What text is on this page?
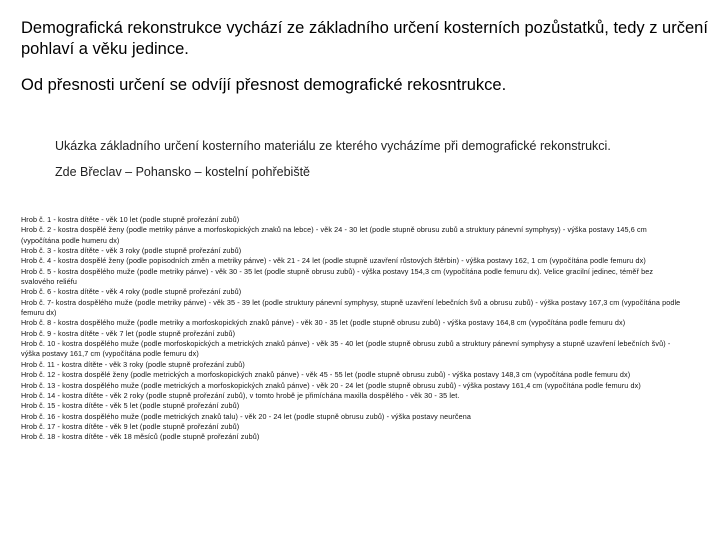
Demografická rekonstrukce vychází ze základního určení kosterních pozůstatků, tedy z určení pohlaví a věku jedince.

Od přesnosti určení se odvíjí přesnost demografické rekosntrukce.

Ukázka základního určení kosterního materiálu ze kterého vycházíme při demografické rekonstrukci.

Zde Břeclav – Pohansko – kostelní pohřebiště

Hrob č. 1 - kostra dítěte - věk 10 let (podle stupně prořezání zubů)
Hrob č. 2 - kostra dospělé ženy (podle metriky pánve a morfoskopických znaků na lebce) - věk 24 - 30 let (podle stupně obrusu zubů a struktury pánevní symphysy) - výška postavy 145,6 cm (vypočítána podle humeru dx)
Hrob č. 3 - kostra dítěte - věk 3 roky (podle stupně prořezání zubů)
Hrob č. 4 - kostra dospělé ženy (podle popisodních změn a metriky pánve) - věk 21 - 24 let (podle stupně uzavření růstových štěrbin) - výška postavy 162, 1 cm (vypočítána podle femuru dx)
Hrob č. 5 - kostra dospělého muže (podle metriky pánve) - věk 30 - 35 let (podle stupně obrusu zubů) - výška postavy 154,3 cm (vypočítána podle femuru dx). Velice gracilní jedinec, téměř bez svalového reliéfu
Hrob č. 6 - kostra dítěte - věk 4 roky (podle stupně prořezání zubů)
Hrob č. 7- kostra dospělého muže (podle metriky pánve) - věk 35 - 39 let (podle struktury pánevní symphysy, stupně uzavření lebečních švů a obrusu zubů) - výška postavy 167,3 cm (vypočítána podle femuru dx)
Hrob č. 8 - kostra dospělého muže (podle metriky a morfoskopických znaků pánve) - věk 30 - 35 let (podle stupně obrusu zubů) - výška postavy 164,8 cm (vypočítána podle femuru dx)
Hrob č. 9 - kostra dítěte - věk 7 let (podle stupně prořezání zubů)
Hrob č. 10 - kostra dospělého muže (podle morfoskopických a metrických znaků pánve) - věk 35 - 40 let (podle stupně obrusu zubů a struktury pánevní symphysy a stupně uzavření lebečních švů) - výška postavy 161,7 cm (vypočítána podle femuru dx)
Hrob č. 11 - kostra dítěte - věk 3 roky (podle stupně prořezání zubů)
Hrob č. 12 - kostra dospělé ženy (podle metrických a morfoskopických znaků pánve) - věk 45 - 55 let (podle stupně obrusu zubů) - výška postavy 148,3 cm (vypočítána podle femuru dx)
Hrob č. 13 - kostra dospělého muže (podle metrických a morfoskopických znaků pánve) - věk 20 - 24 let (podle stupně obrusu zubů) - výška postavy 161,4 cm (vypočítána podle femuru dx)
Hrob č. 14 - kostra dítěte - věk 2 roky (podle stupně prořezání zubů), v tomto hrobě je přimíchána maxilla dospělého - věk 30 - 35 let.
Hrob č. 15 - kostra dítěte - věk 5 let (podle stupně prořezání zubů)
Hrob č. 16 - kostra dospělého muže (podle metrických znaků talu) - věk 20 - 24 let (podle stupně obrusu zubů) - výška postavy neurčena
Hrob č. 17 - kostra dítěte - věk 9 let (podle stupně prořezání zubů)
Hrob č. 18 - kostra dítěte - věk 18 měsíců (podle stupně prořezání zubů)
